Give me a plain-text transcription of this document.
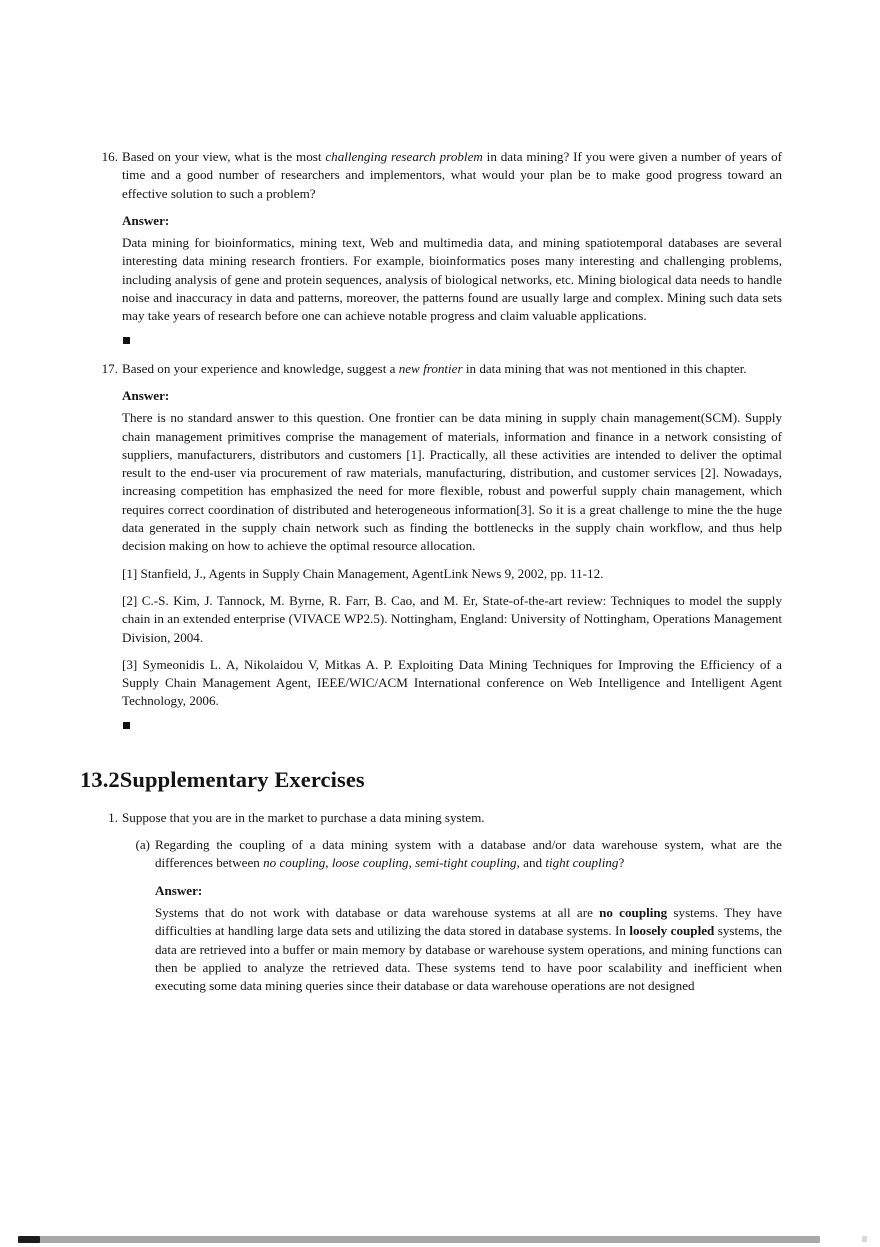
16. Based on your view, what is the most challenging research problem in data mining? If you were given a number of years of time and a good number of researchers and implementors, what would your plan be to make good progress toward an effective solution to such a problem?

Answer:

Data mining for bioinformatics, mining text, Web and multimedia data, and mining spatiotemporal databases are several interesting data mining research frontiers. For example, bioinformatics poses many interesting and challenging problems, including analysis of gene and protein sequences, analysis of biological networks, etc. Mining biological data needs to handle noise and inaccuracy in data and patterns, moreover, the patterns found are usually large and complex. Mining such data sets may take years of research before one can achieve notable progress and claim valuable applications.

17. Based on your experience and knowledge, suggest a new frontier in data mining that was not mentioned in this chapter.

Answer:

There is no standard answer to this question. One frontier can be data mining in supply chain management(SCM). Supply chain management primitives comprise the management of materials, information and finance in a network consisting of suppliers, manufacturers, distributors and customers [1]. Practically, all these activities are intended to deliver the optimal result to the end-user via procurement of raw materials, manufacturing, distribution, and customer services [2]. Nowadays, increasing competition has emphasized the need for more flexible, robust and powerful supply chain management, which requires correct coordination of distributed and heterogeneous information[3]. So it is a great challenge to mine the the huge data generated in the supply chain network such as finding the bottlenecks in the supply chain workflow, and thus help decision making on how to achieve the optimal resource allocation.

[1] Stanfield, J., Agents in Supply Chain Management, AgentLink News 9, 2002, pp. 11-12.

[2] C.-S. Kim, J. Tannock, M. Byrne, R. Farr, B. Cao, and M. Er, State-of-the-art review: Techniques to model the supply chain in an extended enterprise (VIVACE WP2.5). Nottingham, England: University of Nottingham, Operations Management Division, 2004.

[3] Symeonidis L. A, Nikolaidou V, Mitkas A. P. Exploiting Data Mining Techniques for Improving the Efficiency of a Supply Chain Management Agent, IEEE/WIC/ACM International conference on Web Intelligence and Intelligent Agent Technology, 2006.

13.2 Supplementary Exercises
1. Suppose that you are in the market to purchase a data mining system.

(a) Regarding the coupling of a data mining system with a database and/or data warehouse system, what are the differences between no coupling, loose coupling, semi-tight coupling, and tight coupling?

Answer:

Systems that do not work with database or data warehouse systems at all are no coupling systems. They have difficulties at handling large data sets and utilizing the data stored in database systems. In loosely coupled systems, the data are retrieved into a buffer or main memory by database or warehouse system operations, and mining functions can then be applied to analyze the retrieved data. These systems tend to have poor scalability and inefficient when executing some data mining queries since their database or data warehouse operations are not designed
